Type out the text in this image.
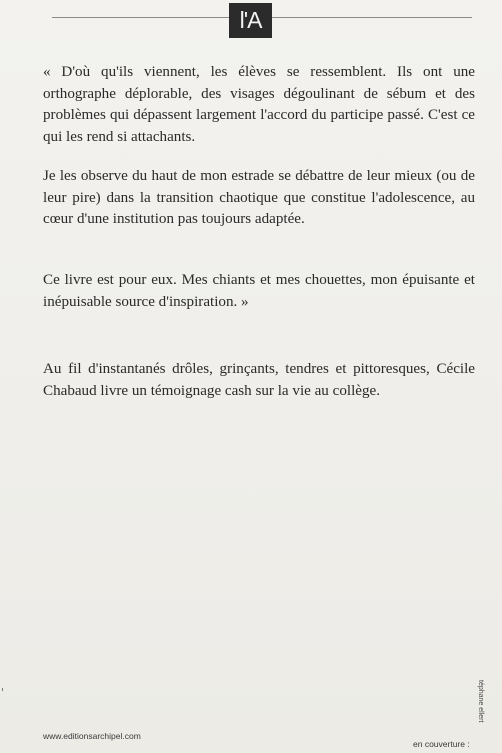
l'A

« D'où qu'ils viennent, les élèves se ressemblent. Ils ont une orthographe déplorable, des visages dégoulinant de sébum et des problèmes qui dépassent largement l'accord du participe passé. C'est ce qui les rend si attachants.

Je les observe du haut de mon estrade se débattre de leur mieux (ou de leur pire) dans la transition chaotique que constitue l'adolescence, au cœur d'une institution pas toujours adaptée.

Ce livre est pour eux. Mes chiants et mes chouettes, mon épuisante et inépuisable source d'inspiration. »

Au fil d'instantanés drôles, grinçants, tendres et pittoresques, Cécile Chabaud livre un témoignage cash sur la vie au collège.

www.editionsarchipel.com
en couverture :
téphane ellert
